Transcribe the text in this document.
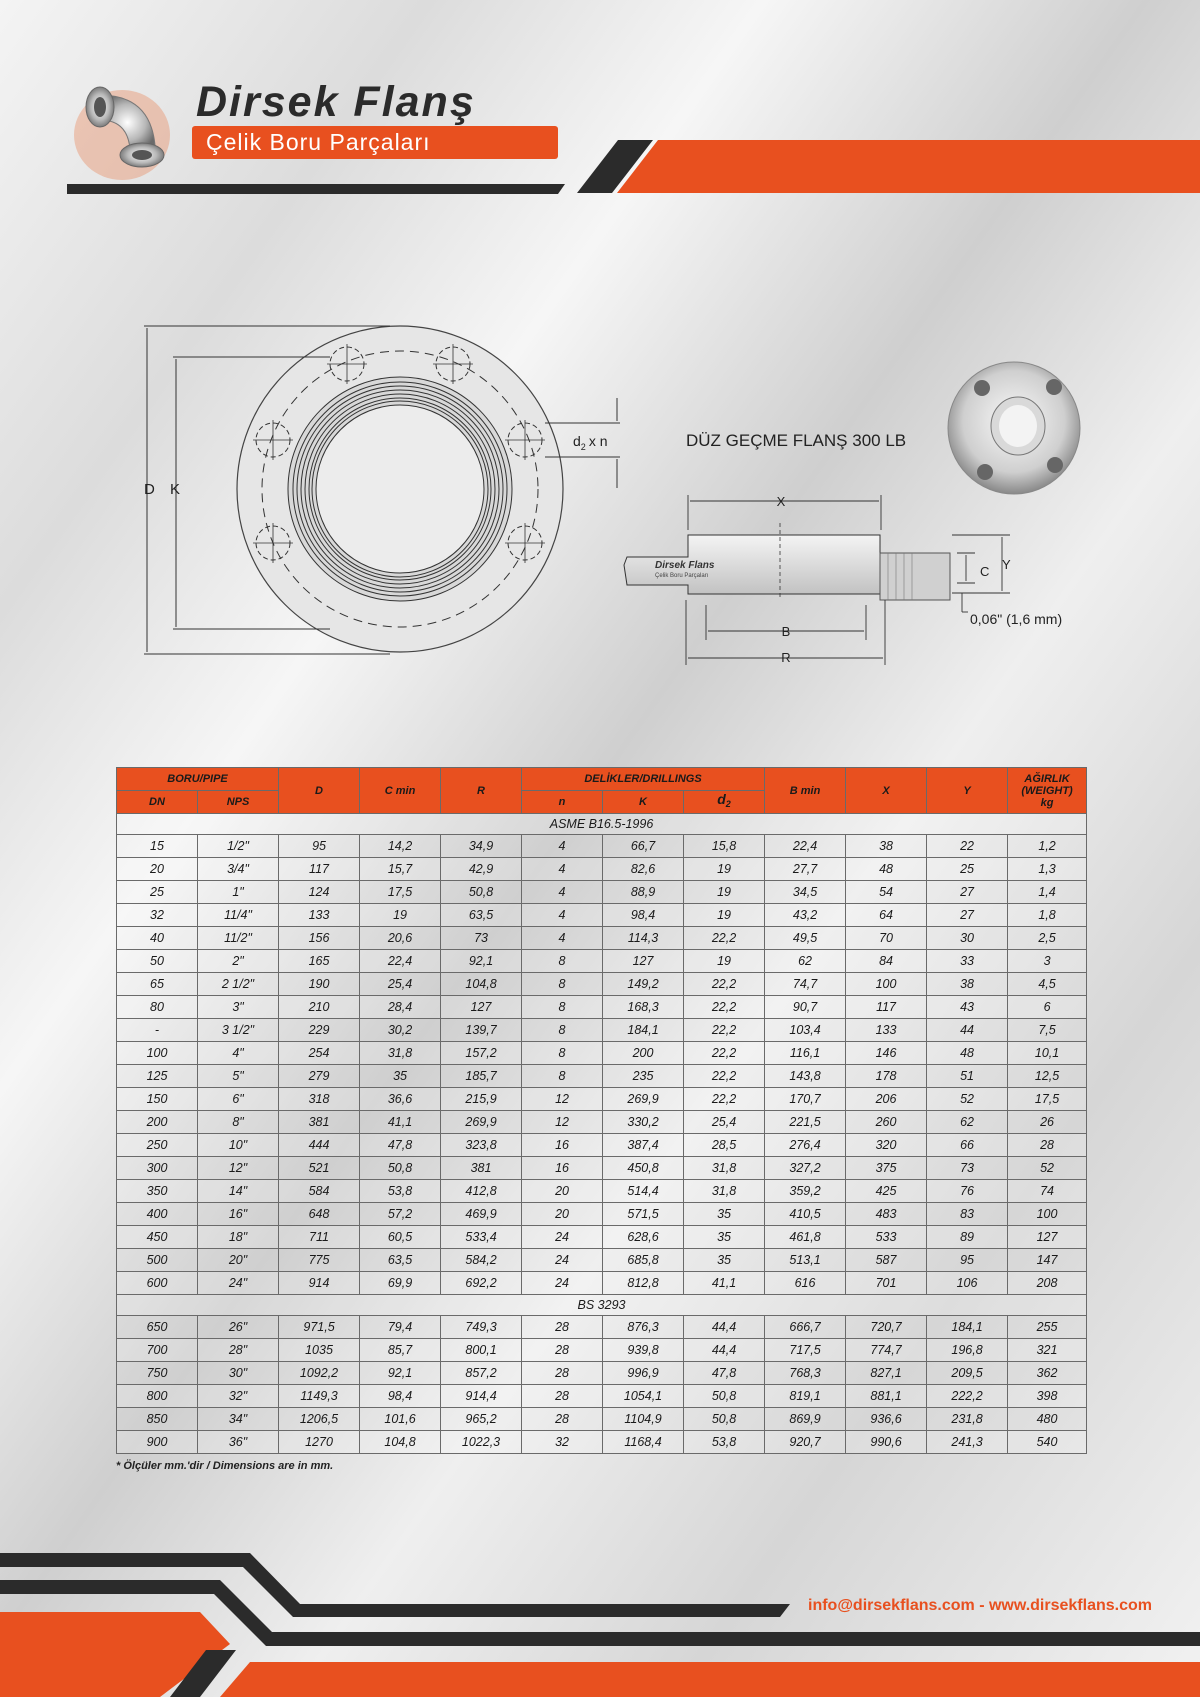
Dirsek Flanş
Çelik Boru Parçaları
D K
$d_2$ x n
X
B
R
Y
C
Dirsek Flans
Çelik Boru Parçaları
DÜZ GEÇME FLANŞ 300 LB
0,06" (1,6 mm)
BORU/PIPE		D	C min	R	DELİKLER/DRILLINGS			B min	X	Y	AĞIRLIK
(WEIGHT)
kg

DN	NPS				n	K	$d_2$
ASME B16.5-1996											
15	1/2"	95	14,2	34,9	4	66,7	15,8	22,4	38	22	1,2
20	3/4"	117	15,7	42,9	4	82,6	19	27,7	48	25	1,3
25	1"	124	17,5	50,8	4	88,9	19	34,5	54	27	1,4
32	11/4"	133	19	63,5	4	98,4	19	43,2	64	27	1,8
40	11/2"	156	20,6	73	4	114,3	22,2	49,5	70	30	2,5
50	2"	165	22,4	92,1	8	127	19	62	84	33	3
65	2 1/2"	190	25,4	104,8	8	149,2	22,2	74,7	100	38	4,5
80	3"	210	28,4	127	8	168,3	22,2	90,7	117	43	6
-	3 1/2"	229	30,2	139,7	8	184,1	22,2	103,4	133	44	7,5
100	4"	254	31,8	157,2	8	200	22,2	116,1	146	48	10,1
125	5"	279	35	185,7	8	235	22,2	143,8	178	51	12,5
150	6"	318	36,6	215,9	12	269,9	22,2	170,7	206	52	17,5
200	8"	381	41,1	269,9	12	330,2	25,4	221,5	260	62	26
250	10"	444	47,8	323,8	16	387,4	28,5	276,4	320	66	28
300	12"	521	50,8	381	16	450,8	31,8	327,2	375	73	52
350	14"	584	53,8	412,8	20	514,4	31,8	359,2	425	76	74
400	16"	648	57,2	469,9	20	571,5	35	410,5	483	83	100
450	18"	711	60,5	533,4	24	628,6	35	461,8	533	89	127
500	20"	775	63,5	584,2	24	685,8	35	513,1	587	95	147
600	24"	914	69,9	692,2	24	812,8	41,1	616	701	106	208
BS 3293											
650	26"	971,5	79,4	749,3	28	876,3	44,4	666,7	720,7	184,1	255
700	28"	1035	85,7	800,1	28	939,8	44,4	717,5	774,7	196,8	321
750	30"	1092,2	92,1	857,2	28	996,9	47,8	768,3	827,1	209,5	362
800	32"	1149,3	98,4	914,4	28	1054,1	50,8	819,1	881,1	222,2	398
850	34"	1206,5	101,6	965,2	28	1104,9	50,8	869,9	936,6	231,8	480
900	36"	1270	104,8	1022,3	32	1168,4	53,8	920,7	990,6	241,3	540
* Ölçüler mm.'dir / Dimensions are in mm.
info@dirsekflans.com - www.dirsekflans.com
